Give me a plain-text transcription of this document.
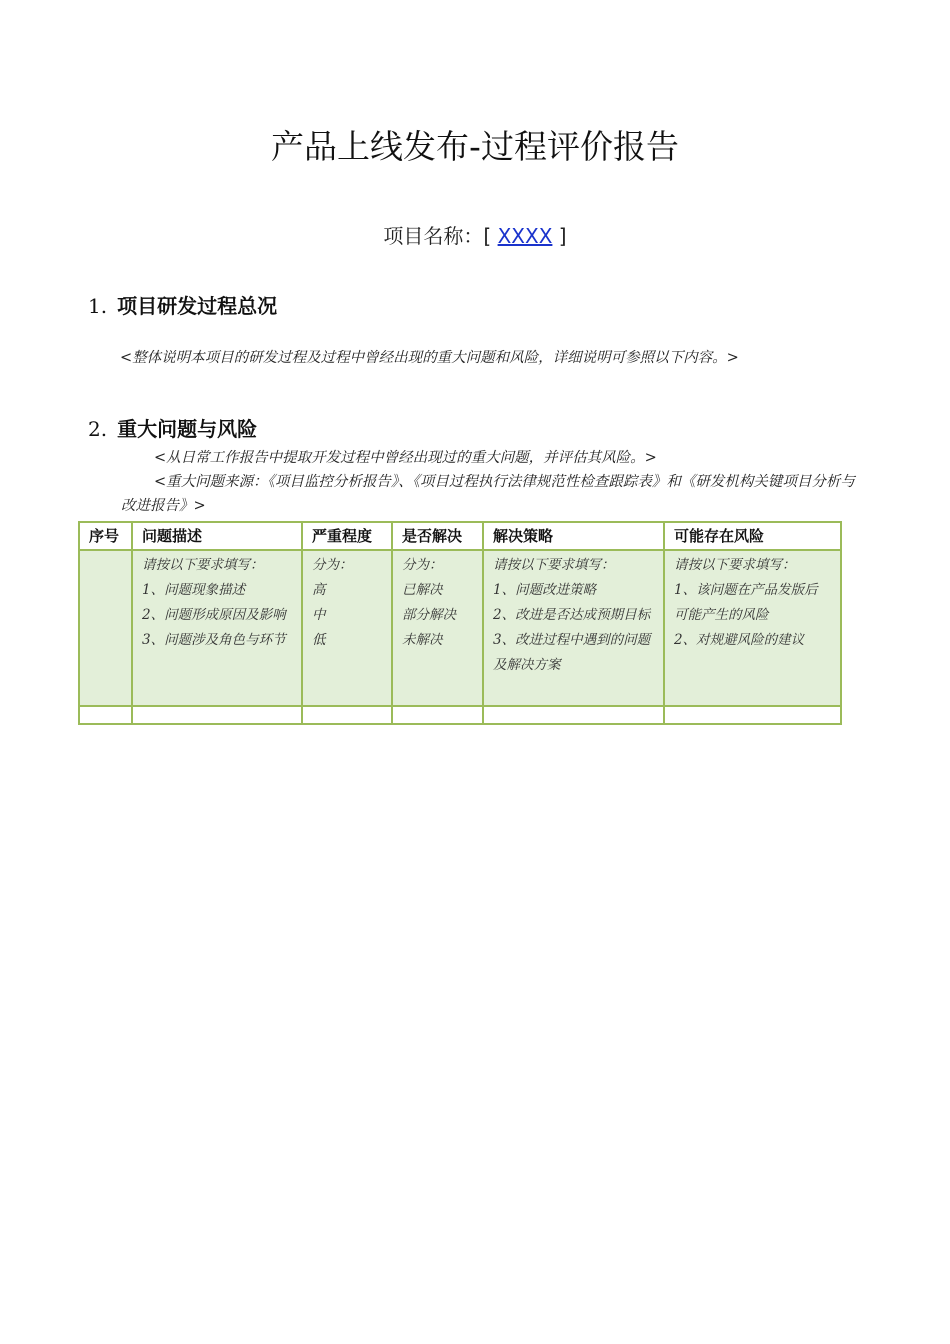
产品上线发布-过程评价报告
项目名称：[ XXXX ]
1. 项目研发过程总况
<整体说明本项目的研发过程及过程中曾经出现的重大问题和风险，详细说明可参照以下内容。>
2. 重大问题与风险
<从日常工作报告中提取开发过程中曾经出现过的重大问题，并评估其风险。>
<重大问题来源：《项目监控分析报告》、《项目过程执行法律规范性检查跟踪表》和《研发机构关键项目分析与改进报告》>
序号	问题描述	严重程度	是否解决	解决策略	可能存在风险

	请按以下要求填写：
1、问题现象描述
2、问题形成原因及影响
3、问题涉及角色与环节	分为：
高
中
低	分为：
已解决
部分解决
未解决	请按以下要求填写：
1、问题改进策略
2、改进是否达成预期目标
3、改进过程中遇到的问题及解决方案	请按以下要求填写：
1、该问题在产品发版后可能产生的风险
2、对规避风险的建议
